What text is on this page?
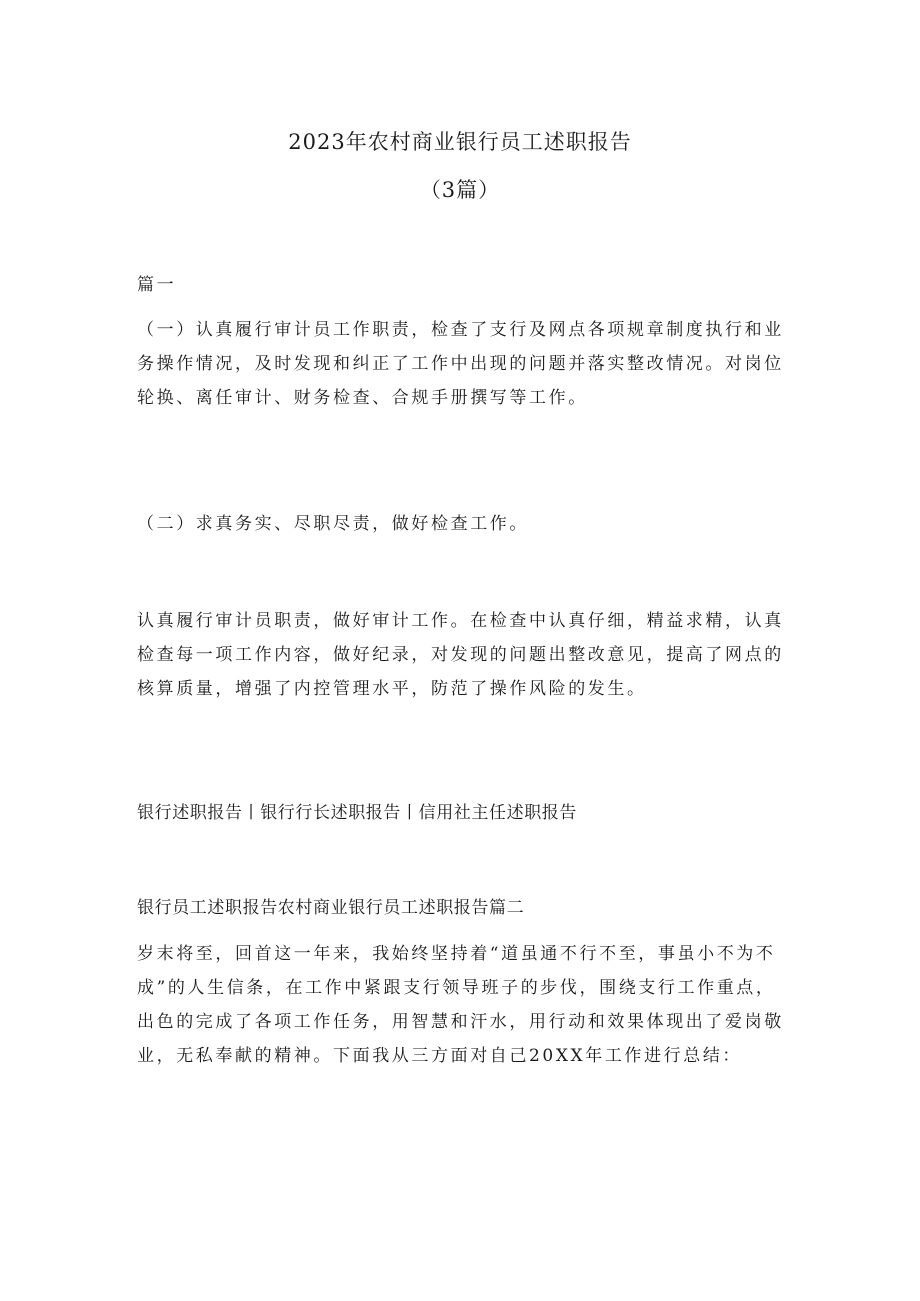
2023年农村商业银行员工述职报告
（3篇）

篇一

（一）认真履行审计员工作职责，检查了支行及网点各项规章制度执行和业务操作情况，及时发现和纠正了工作中出现的问题并落实整改情况。对岗位轮换、离任审计、财务检查、合规手册撰写等工作。

（二）求真务实、尽职尽责，做好检查工作。

认真履行审计员职责，做好审计工作。在检查中认真仔细，精益求精，认真检查每一项工作内容，做好纪录，对发现的问题出整改意见，提高了网点的核算质量，增强了内控管理水平，防范了操作风险的发生。

银行述职报告丨银行行长述职报告丨信用社主任述职报告

银行员工述职报告农村商业银行员工述职报告篇二

岁末将至，回首这一年来，我始终坚持着“道虽通不行不至，事虽小不为不成”的人生信条，在工作中紧跟支行领导班子的步伐，围绕支行工作重点，出色的完成了各项工作任务，用智慧和汗水，用行动和效果体现出了爱岗敬业，无私奉献的精神。下面我从三方面对自己20XX年工作进行总结：
